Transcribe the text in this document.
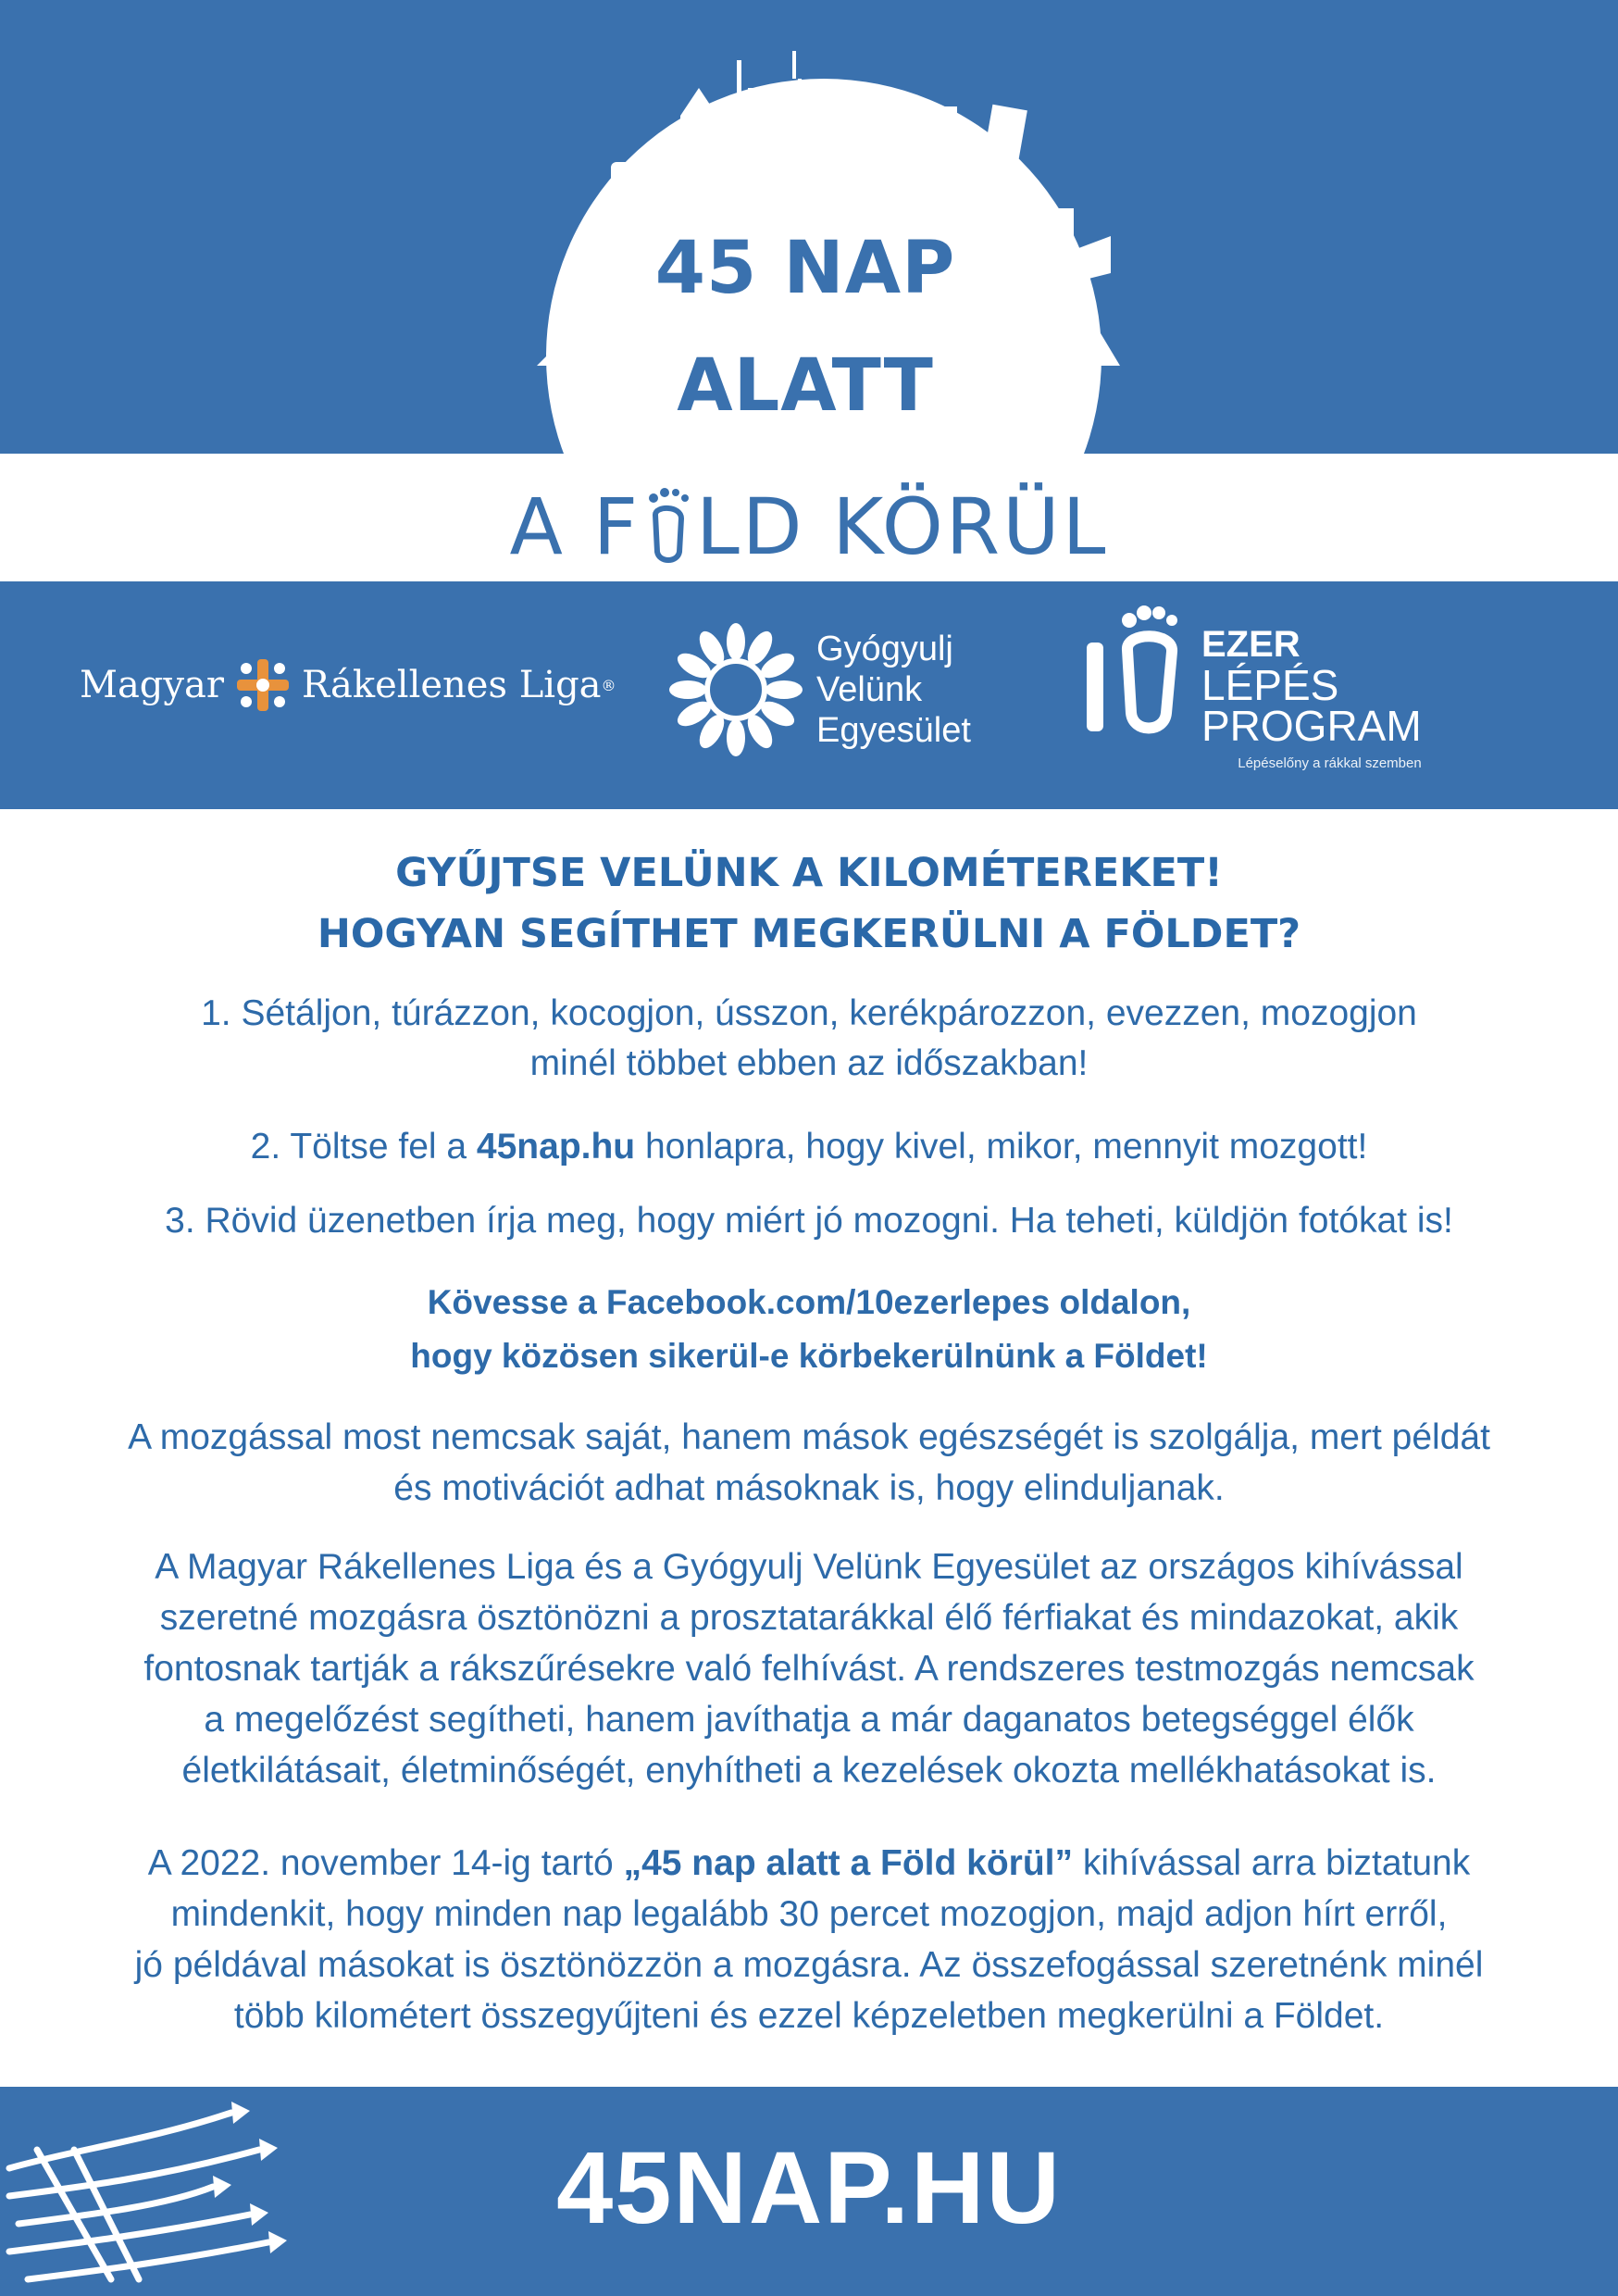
45 NAP
ALATT
A F LD KÖRÜL
Magyar Rákellenes Liga ®
Gyógyulj
Velünk
Egyesület
EZER
LÉPÉS
PROGRAM
Lépéselőny a rákkal szemben
GYŰJTSE VELÜNK A KILOMÉTEREKET!
HOGYAN SEGÍTHET MEGKERÜLNI A FÖLDET?
1. Sétáljon, túrázzon, kocogjon, ússzon, kerékpározzon, evezzen, mozogjon
minél többet ebben az időszakban!
2. Töltse fel a 45nap.hu honlapra, hogy kivel, mikor, mennyit mozgott!
3. Rövid üzenetben írja meg, hogy miért jó mozogni. Ha teheti, küldjön fotókat is!
Kövesse a Facebook.com/10ezerlepes oldalon,
hogy közösen sikerül-e körbekerülnünk a Földet!
A mozgással most nemcsak saját, hanem mások egészségét is szolgálja, mert példát
és motivációt adhat másoknak is, hogy elinduljanak.
A Magyar Rákellenes Liga és a Gyógyulj Velünk Egyesület az országos kihívással
szeretné mozgásra ösztönözni a prosztatarákkal élő férfiakat és mindazokat, akik
fontosnak tartják a rákszűrésekre való felhívást. A rendszeres testmozgás nemcsak
a megelőzést segítheti, hanem javíthatja a már daganatos betegséggel élők
életkilátásait, életminőségét, enyhítheti a kezelések okozta mellékhatásokat is.
A 2022. november 14-ig tartó „45 nap alatt a Föld körül” kihívással arra biztatunk
mindenkit, hogy minden nap legalább 30 percet mozogjon, majd adjon hírt erről,
jó példával másokat is ösztönözzön a mozgásra. Az összefogással szeretnénk minél
több kilométert összegyűjteni és ezzel képzeletben megkerülni a Földet.
45NAP.HU
